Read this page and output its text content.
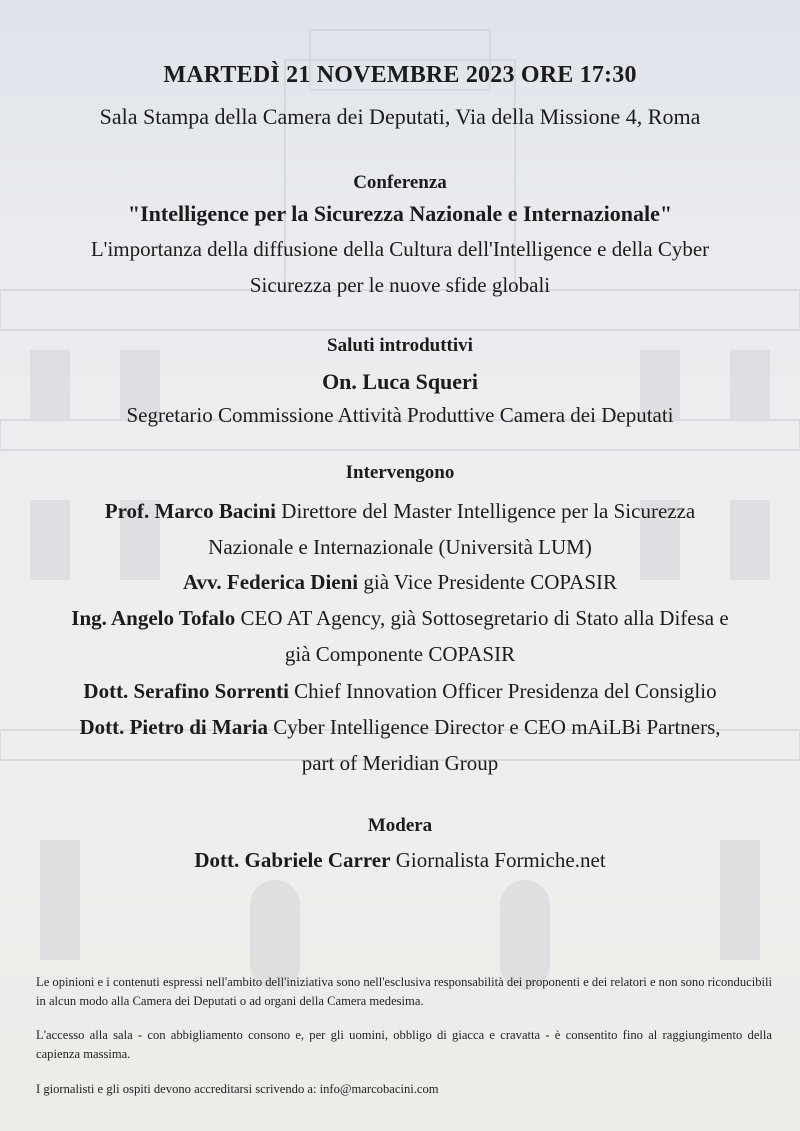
MARTEDÌ 21 NOVEMBRE 2023 ORE 17:30
Sala Stampa della Camera dei Deputati, Via della Missione 4, Roma
Conferenza
"Intelligence per la Sicurezza Nazionale e Internazionale"
L'importanza della diffusione della Cultura dell'Intelligence e della Cyber
Sicurezza per le nuove sfide globali
Saluti introduttivi
On. Luca Squeri
Segretario Commissione Attività Produttive Camera dei Deputati
Intervengono
Prof. Marco Bacini Direttore del Master Intelligence per la Sicurezza
Nazionale e Internazionale (Università LUM)
Avv. Federica Dieni già Vice Presidente COPASIR
Ing. Angelo Tofalo CEO AT Agency, già Sottosegretario di Stato alla Difesa e
già Componente COPASIR
Dott. Serafino Sorrenti Chief Innovation Officer Presidenza del Consiglio
Dott. Pietro di Maria Cyber Intelligence Director e CEO mAiLBi Partners,
part of Meridian Group
Modera
Dott. Gabriele Carrer Giornalista Formiche.net
Le opinioni e i contenuti espressi nell'ambito dell'iniziativa sono nell'esclusiva responsabilità dei proponenti e dei relatori e non sono riconducibili in alcun modo alla Camera dei Deputati o ad organi della Camera medesima.
L'accesso alla sala - con abbigliamento consono e, per gli uomini, obbligo di giacca e cravatta - è consentito fino al raggiungimento della capienza massima.
I giornalisti e gli ospiti devono accreditarsi scrivendo a: info@marcobacini.com
